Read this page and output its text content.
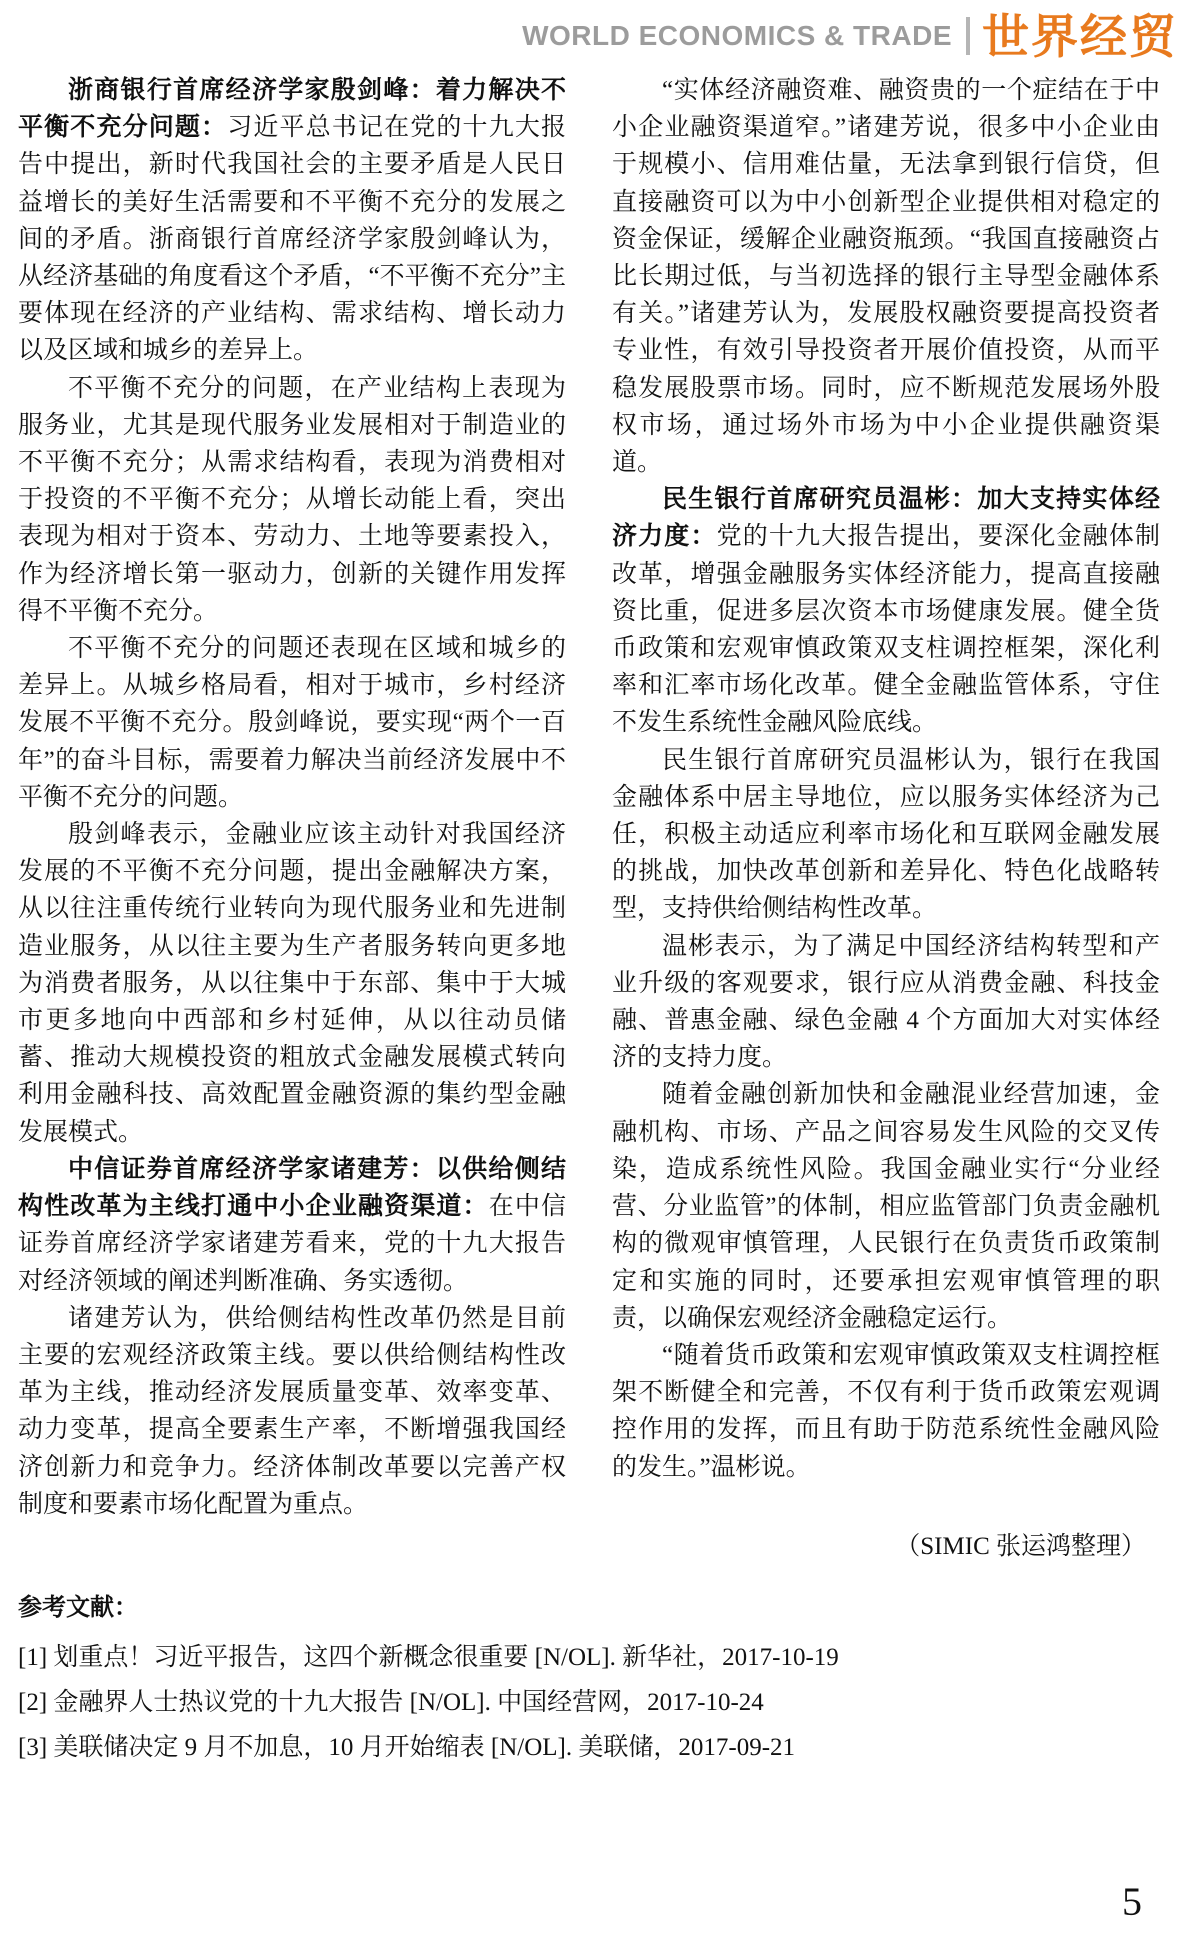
WORLD ECONOMICS & TRADE 世界经贸

浙商银行首席经济学家殷剑峰：着力解决不平衡不充分问题：习近平总书记在党的十九大报告中提出，新时代我国社会的主要矛盾是人民日益增长的美好生活需要和不平衡不充分的发展之间的矛盾。浙商银行首席经济学家殷剑峰认为，从经济基础的角度看这个矛盾，“不平衡不充分”主要体现在经济的产业结构、需求结构、增长动力以及区域和城乡的差异上。

不平衡不充分的问题，在产业结构上表现为服务业，尤其是现代服务业发展相对于制造业的不平衡不充分；从需求结构看，表现为消费相对于投资的不平衡不充分；从增长动能上看，突出表现为相对于资本、劳动力、土地等要素投入，作为经济增长第一驱动力，创新的关键作用发挥得不平衡不充分。

不平衡不充分的问题还表现在区域和城乡的差异上。从城乡格局看，相对于城市，乡村经济发展不平衡不充分。殷剑峰说，要实现“两个一百年”的奋斗目标，需要着力解决当前经济发展中不平衡不充分的问题。

殷剑峰表示，金融业应该主动针对我国经济发展的不平衡不充分问题，提出金融解决方案，从以往注重传统行业转向为现代服务业和先进制造业服务，从以往主要为生产者服务转向更多地为消费者服务，从以往集中于东部、集中于大城市更多地向中西部和乡村延伸，从以往动员储蓄、推动大规模投资的粗放式金融发展模式转向利用金融科技、高效配置金融资源的集约型金融发展模式。

中信证券首席经济学家诸建芳：以供给侧结构性改革为主线打通中小企业融资渠道：在中信证券首席经济学家诸建芳看来，党的十九大报告对经济领域的阐述判断准确、务实透彻。

诸建芳认为，供给侧结构性改革仍然是目前主要的宏观经济政策主线。要以供给侧结构性改革为主线，推动经济发展质量变革、效率变革、动力变革，提高全要素生产率，不断增强我国经济创新力和竞争力。经济体制改革要以完善产权制度和要素市场化配置为重点。

“实体经济融资难、融资贵的一个症结在于中小企业融资渠道窄。”诸建芳说，很多中小企业由于规模小、信用难估量，无法拿到银行信贷，但直接融资可以为中小创新型企业提供相对稳定的资金保证，缓解企业融资瓶颈。“我国直接融资占比长期过低，与当初选择的银行主导型金融体系有关。”诸建芳认为，发展股权融资要提高投资者专业性，有效引导投资者开展价值投资，从而平稳发展股票市场。同时，应不断规范发展场外股权市场，通过场外市场为中小企业提供融资渠道。

民生银行首席研究员温彬：加大支持实体经济力度：党的十九大报告提出，要深化金融体制改革，增强金融服务实体经济能力，提高直接融资比重，促进多层次资本市场健康发展。健全货币政策和宏观审慎政策双支柱调控框架，深化利率和汇率市场化改革。健全金融监管体系，守住不发生系统性金融风险底线。

民生银行首席研究员温彬认为，银行在我国金融体系中居主导地位，应以服务实体经济为己任，积极主动适应利率市场化和互联网金融发展的挑战，加快改革创新和差异化、特色化战略转型，支持供给侧结构性改革。

温彬表示，为了满足中国经济结构转型和产业升级的客观要求，银行应从消费金融、科技金融、普惠金融、绿色金融 4 个方面加大对实体经济的支持力度。

随着金融创新加快和金融混业经营加速，金融机构、市场、产品之间容易发生风险的交叉传染，造成系统性风险。我国金融业实行“分业经营、分业监管”的体制，相应监管部门负责金融机构的微观审慎管理，人民银行在负责货币政策制定和实施的同时，还要承担宏观审慎管理的职责，以确保宏观经济金融稳定运行。

“随着货币政策和宏观审慎政策双支柱调控框架不断健全和完善，不仅有利于货币政策宏观调控作用的发挥，而且有助于防范系统性金融风险的发生。”温彬说。

（SIMIC 张运鸿整理）
参考文献：
[1] 划重点！习近平报告，这四个新概念很重要 [N/OL]. 新华社，2017-10-19
[2] 金融界人士热议党的十九大报告 [N/OL]. 中国经营网，2017-10-24
[3] 美联储决定 9 月不加息，10 月开始缩表 [N/OL]. 美联储，2017-09-21
5
